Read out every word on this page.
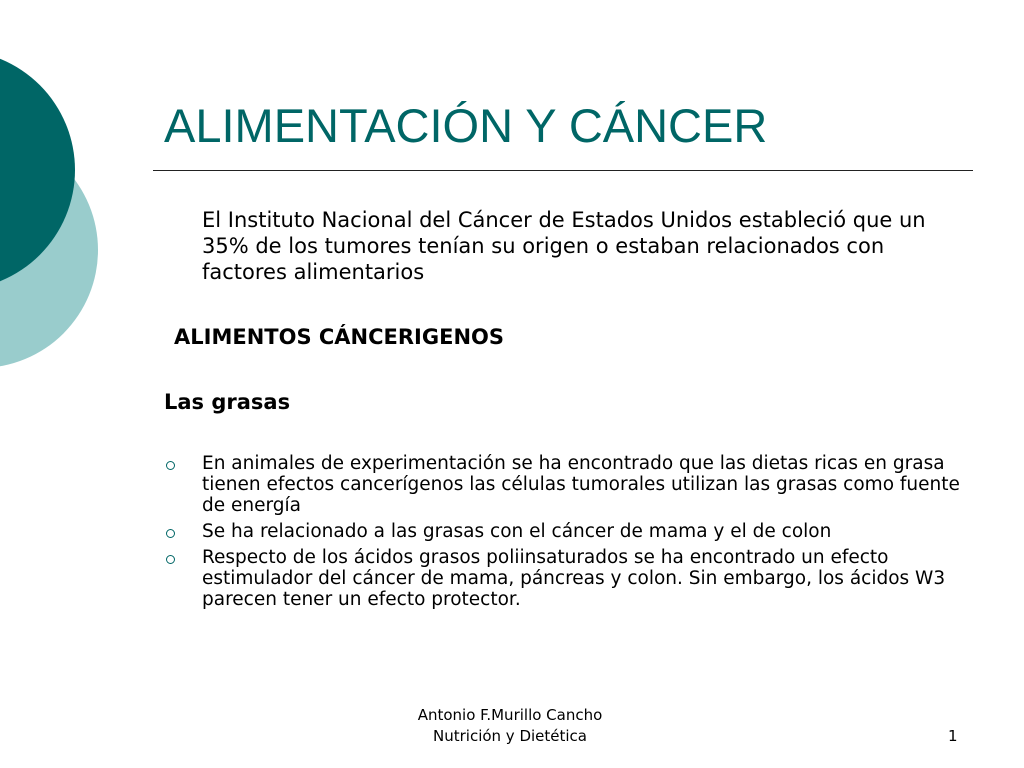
ALIMENTACIÓN Y CÁNCER

El Instituto Nacional del Cáncer de Estados Unidos estableció que un 35% de los tumores tenían su origen o estaban relacionados con factores alimentarios

ALIMENTOS CÁNCERIGENOS
Las grasas
En animales de experimentación se ha encontrado que las dietas ricas en grasa tienen efectos cancerígenos las células tumorales utilizan las grasas como fuente de energía
Se ha relacionado a las grasas con el cáncer de mama y el de colon
Respecto de los ácidos grasos poliinsaturados se ha encontrado un efecto estimulador del cáncer de mama, páncreas y colon. Sin embargo, los ácidos W3 parecen tener un efecto protector.
Antonio F.Murillo Cancho
Nutrición y Dietética	1
